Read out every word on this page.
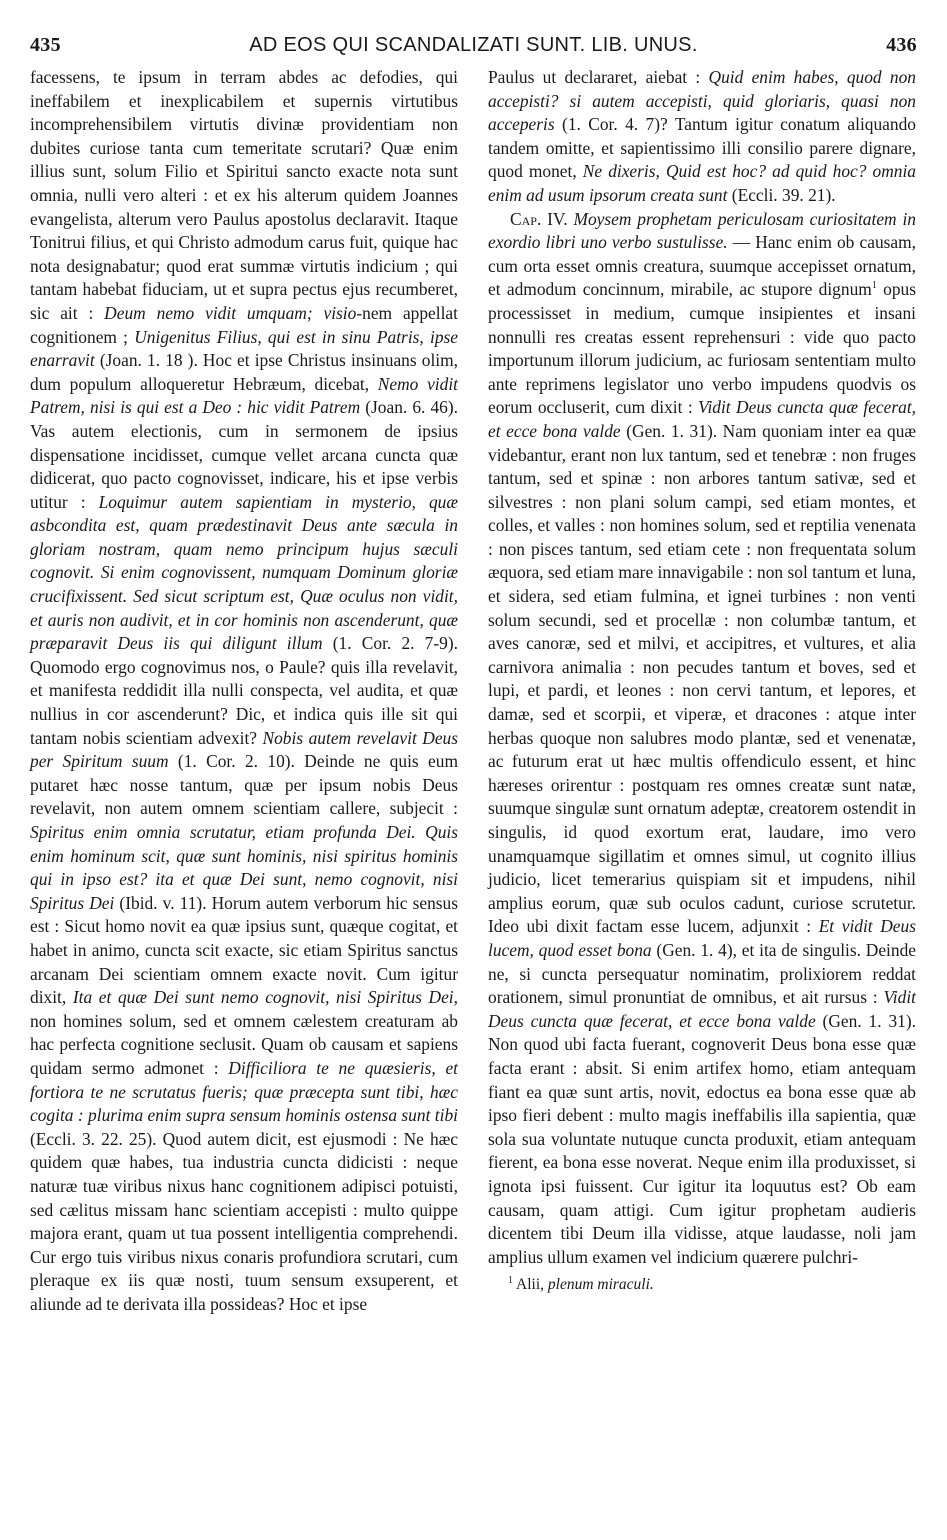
435	AD EOS QUI SCANDALIZATI SUNT. LIB. UNUS.	436

facessens, te ipsum in terram abdes ac defodies, qui ineffabilem et inexplicabilem et supernis virtutibus incomprehensibilem virtutis divinæ providentiam non dubites curiose tanta cum temeritate scrutari? Quæ enim illius sunt, solum Filio et Spiritui sancto exacte nota sunt omnia, nulli vero alteri : et ex his alterum quidem Joannes evangelista, alterum vero Paulus apostolus declaravit. Itaque Tonitrui filius, et qui Christo admodum carus fuit, quique hac nota designabatur; quod erat summæ virtutis indicium ; qui tantam habebat fiduciam, ut et supra pectus ejus recumberet, sic ait : Deum nemo vidit umquam; visio-nem appellat cognitionem ; Unigenitus Filius, qui est in sinu Patris, ipse enarravit (Joan. 1. 18 ). Hoc et ipse Christus insinuans olim, dum populum alloqueretur Hebræum, dicebat, Nemo vidit Patrem, nisi is qui est a Deo : hic vidit Patrem (Joan. 6. 46). Vas autem electionis, cum in sermonem de ipsius dispensatione incidisset, cumque vellet arcana cuncta quæ didicerat, quo pacto cognovisset, indicare, his et ipse verbis utitur : Loquimur autem sapientiam in mysterio, quæ asbcondita est, quam prædestinavit Deus ante sæcula in gloriam nostram, quam nemo principum hujus sæculi cognovit. Si enim cognovissent, numquam Dominum gloriæ crucifixissent. Sed sicut scriptum est, Quæ oculus non vidit, et auris non audivit, et in cor hominis non ascenderunt, quæ præparavit Deus iis qui diligunt illum (1. Cor. 2. 7-9). Quomodo ergo cognovimus nos, o Paule? quis illa revelavit, et manifesta reddidit illa nulli conspecta, vel audita, et quæ nullius in cor ascenderunt? Dic, et indica quis ille sit qui tantam nobis scientiam advexit? Nobis autem revelavit Deus per Spiritum suum (1. Cor. 2. 10). Deinde ne quis eum putaret hæc nosse tantum, quæ per ipsum nobis Deus revelavit, non autem omnem scientiam callere, subjecit : Spiritus enim omnia scrutatur, etiam profunda Dei. Quis enim hominum scit, quæ sunt hominis, nisi spiritus hominis qui in ipso est? ita et quæ Dei sunt, nemo cognovit, nisi Spiritus Dei (Ibid. v. 11). Horum autem verborum hic sensus est : Sicut homo novit ea quæ ipsius sunt, quæque cogitat, et habet in animo, cuncta scit exacte, sic etiam Spiritus sanctus arcanam Dei scientiam omnem exacte novit. Cum igitur dixit, Ita et quæ Dei sunt nemo cognovit, nisi Spiritus Dei, non homines solum, sed et omnem cælestem creaturam ab hac perfecta cognitione seclusit. Quam ob causam et sapiens quidam sermo admonet : Difficiliora te ne quæsieris, et fortiora te ne scrutatus fueris; quæ præcepta sunt tibi, hæc cogita : plurima enim supra sensum hominis ostensa sunt tibi (Eccli. 3. 22. 25). Quod autem dicit, est ejusmodi : Ne hæc quidem quæ habes, tua industria cuncta didicisti : neque naturæ tuæ viribus nixus hanc cognitionem adipisci potuisti, sed cælitus missam hanc scientiam accepisti : multo quippe majora erant, quam ut tua possent intelligentia comprehendi. Cur ergo tuis viribus nixus conaris profundiora scrutari, cum pleraque ex iis quæ nosti, tuum sensum exsuperent, et aliunde ad te derivata illa possideas? Hoc et ipse

Paulus ut declararet, aiebat : Quid enim habes, quod non accepisti? si autem accepisti, quid gloriaris, quasi non acceperis (1. Cor. 4. 7)? Tantum igitur conatum aliquando tandem omitte, et sapientissimo illi consilio parere dignare, quod monet, Ne dixeris, Quid est hoc? ad quid hoc? omnia enim ad usum ipsorum creata sunt (Eccli. 39. 21).

Cap. IV. Moysem prophetam periculosam curiositatem in exordio libri uno verbo sustulisse. — Hanc enim ob causam, cum orta esset omnis creatura, suumque accepisset ornatum, et admodum concinnum, mirabile, ac stupore dignum$^1$ opus processisset in medium, cumque insipientes et insani nonnulli res creatas essent reprehensuri : vide quo pacto importunum illorum judicium, ac furiosam sententiam multo ante reprimens legislator uno verbo impudens quodvis os eorum occluserit, cum dixit : Vidit Deus cuncta quæ fecerat, et ecce bona valde (Gen. 1. 31). Nam quoniam inter ea quæ videbantur, erant non lux tantum, sed et tenebræ : non fruges tantum, sed et spinæ : non arbores tantum sativæ, sed et silvestres : non plani solum campi, sed etiam montes, et colles, et valles : non homines solum, sed et reptilia venenata : non pisces tantum, sed etiam cete : non frequentata solum æquora, sed etiam mare innavigabile : non sol tantum et luna, et sidera, sed etiam fulmina, et ignei turbines : non venti solum secundi, sed et procellæ : non columbæ tantum, et aves canoræ, sed et milvi, et accipitres, et vultures, et alia carnivora animalia : non pecudes tantum et boves, sed et lupi, et pardi, et leones : non cervi tantum, et lepores, et damæ, sed et scorpii, et viperæ, et dracones : atque inter herbas quoque non salubres modo plantæ, sed et venenatæ, ac futurum erat ut hæc multis offendiculo essent, et hinc hæreses orirentur : postquam res omnes creatæ sunt natæ, suumque singulæ sunt ornatum adeptæ, creatorem ostendit in singulis, id quod exortum erat, laudare, imo vero unamquamque sigillatim et omnes simul, ut cognito illius judicio, licet temerarius quispiam sit et impudens, nihil amplius eorum, quæ sub oculos cadunt, curiose scrutetur. Ideo ubi dixit factam esse lucem, adjunxit : Et vidit Deus lucem, quod esset bona (Gen. 1. 4), et ita de singulis. Deinde ne, si cuncta persequatur nominatim, prolixiorem reddat orationem, simul pronuntiat de omnibus, et ait rursus : Vidit Deus cuncta quæ fecerat, et ecce bona valde (Gen. 1. 31). Non quod ubi facta fuerant, cognoverit Deus bona esse quæ facta erant : absit. Si enim artifex homo, etiam antequam fiant ea quæ sunt artis, novit, edoctus ea bona esse quæ ab ipso fieri debent : multo magis ineffabilis illa sapientia, quæ sola sua voluntate nutuque cuncta produxit, etiam antequam fierent, ea bona esse noverat. Neque enim illa produxisset, si ignota ipsi fuissent. Cur igitur ita loquutus est? Ob eam causam, quam attigi. Cum igitur prophetam audieris dicentem tibi Deum illa vidisse, atque laudasse, noli jam amplius ullum examen vel indicium quærere pulchri-

$^1$ Alii, plenum miraculi.
